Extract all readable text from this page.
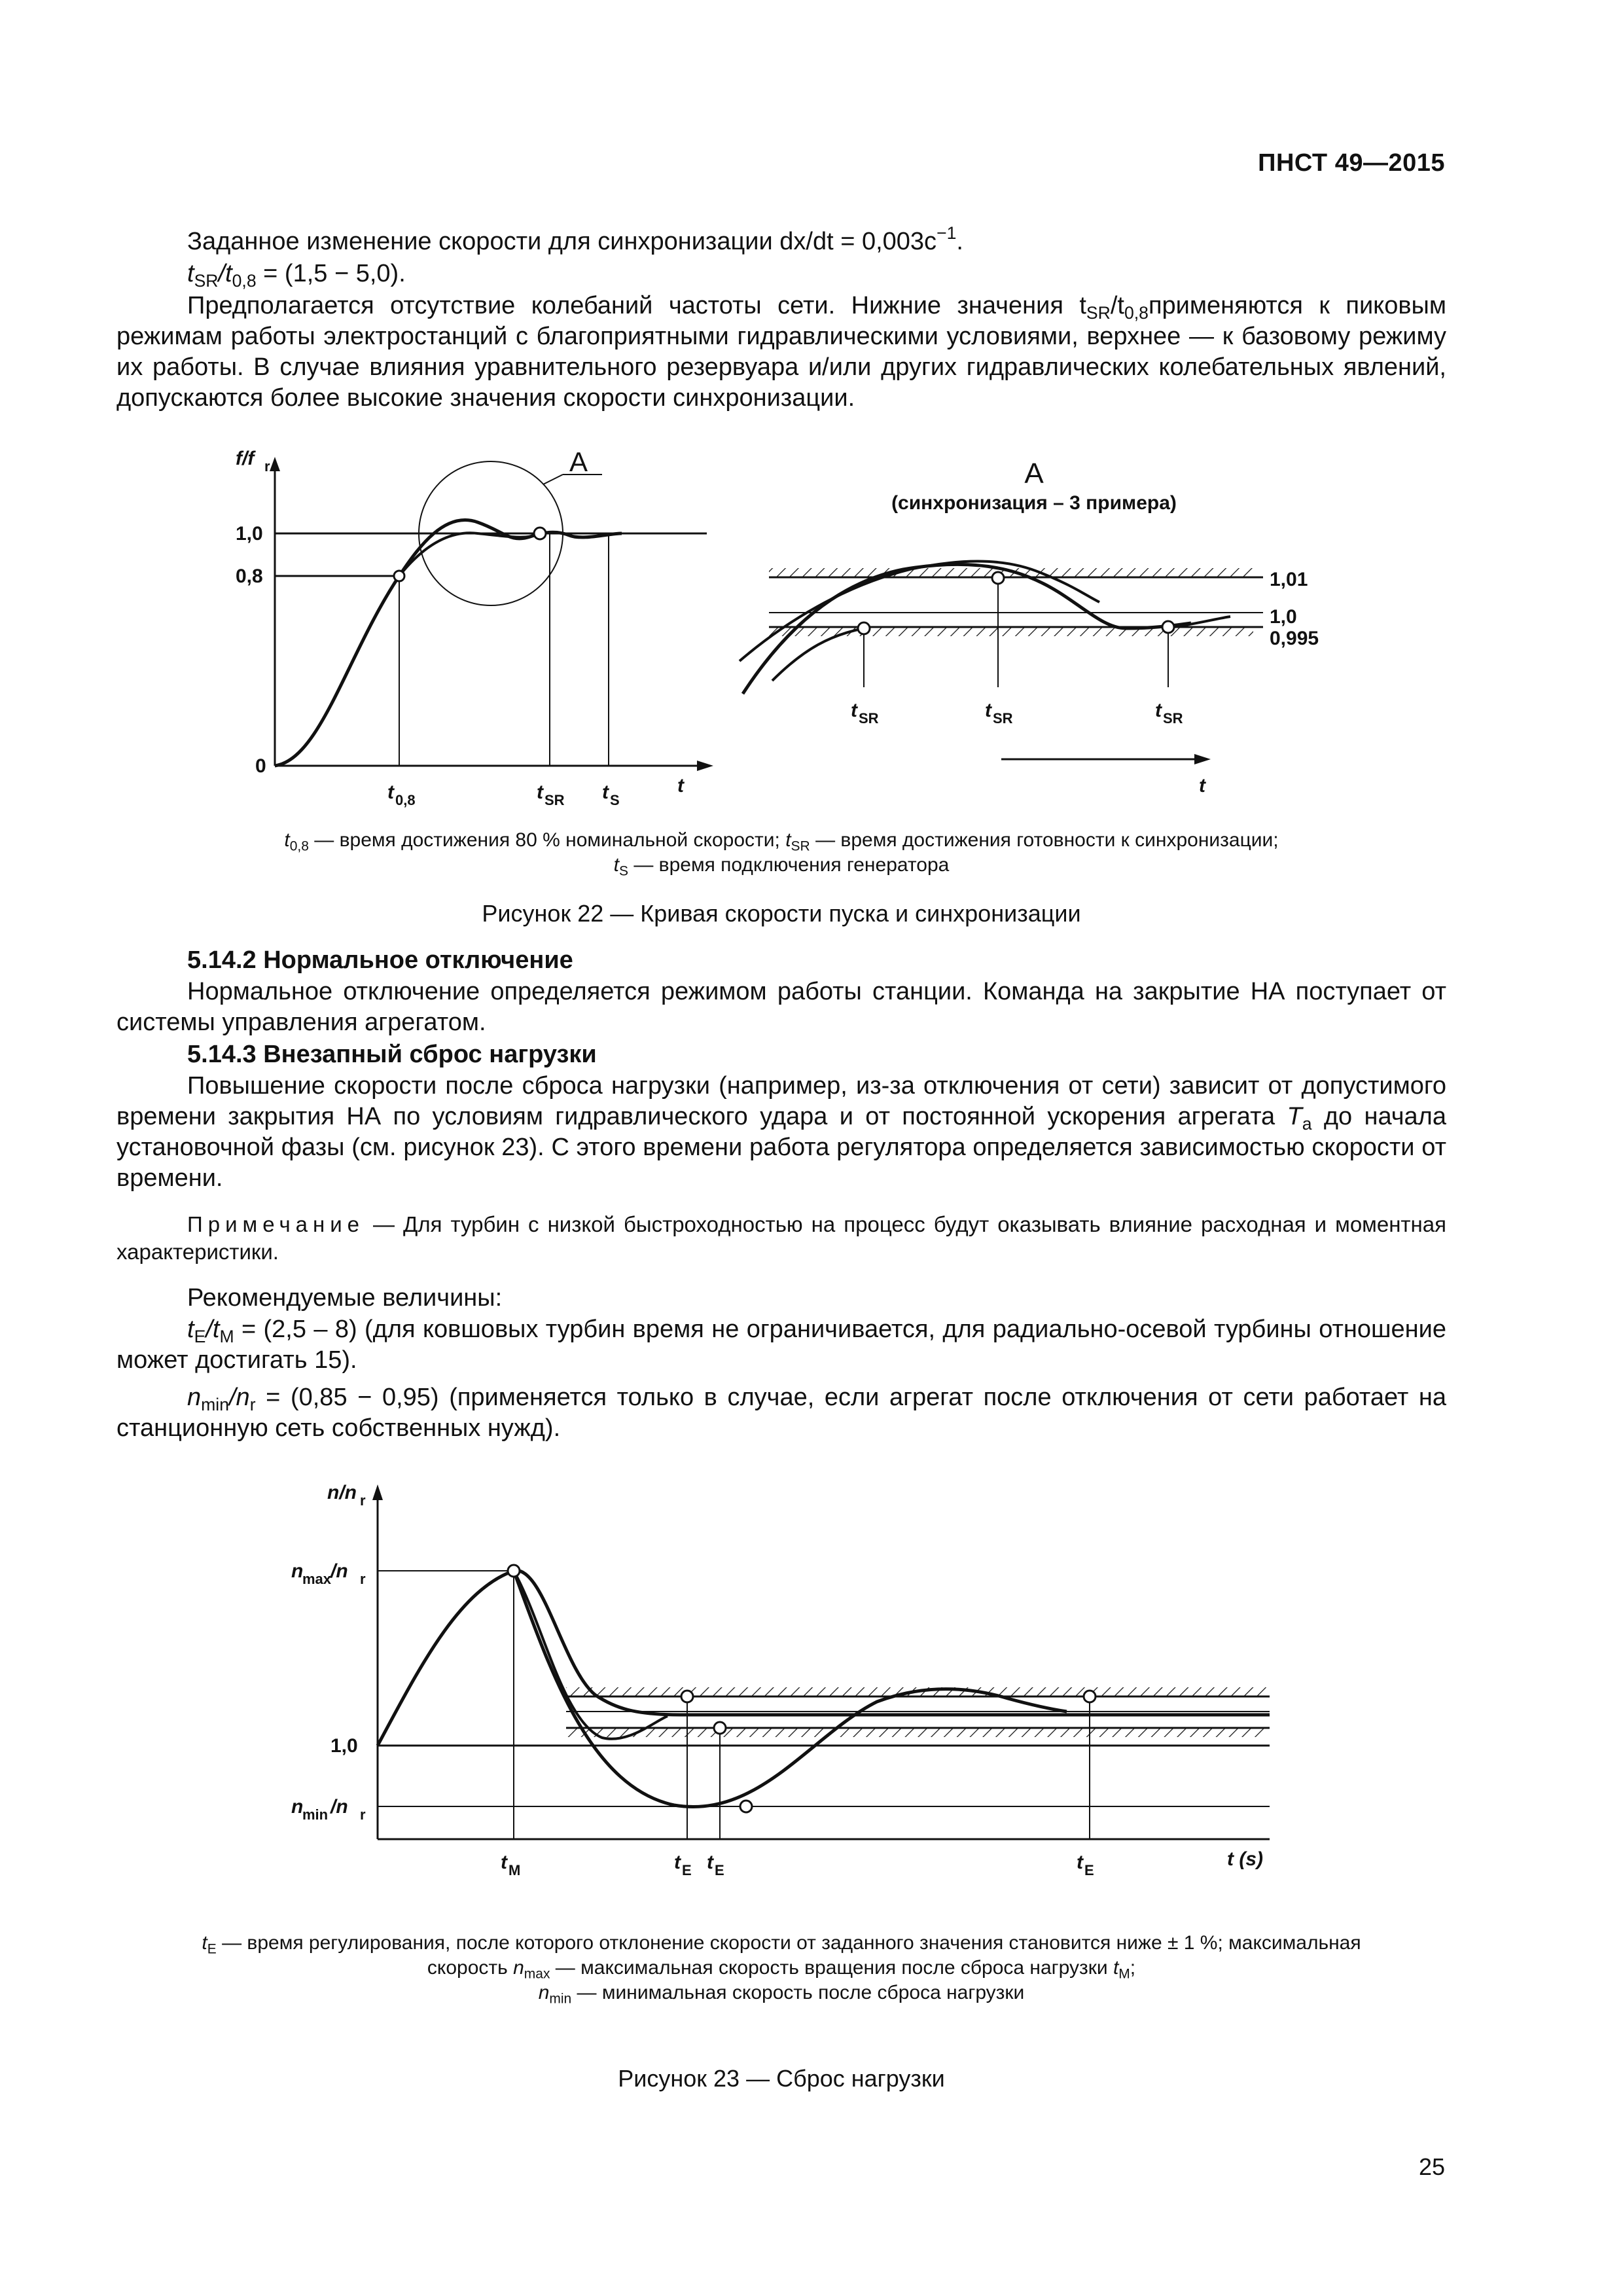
ПНСТ 49—2015
Заданное изменение скорости для синхронизации $dx/dt = 0,003c^{-1}$.
$t_{SR}/t_{0,8} = (1,5 - 5,0)$.
Предполагается отсутствие колебаний частоты сети. Нижние значения $t_{SR}/t_{0,8}применяются$ к пиковым режимам работы электростанций с благоприятными гидравлическими условиями, верхнее — к базовому режиму их работы. В случае влияния уравнительного резервуара и/или других гидравлических колебательных явлений, допускаются более высокие значения скорости синхронизации.
f/f r
1,0
0,8
0
A
t 0,8	t SR t S
t
A
(синхронизация – 3 примера)
1,01
1,0
0,995
t SR	t SR	t SR
t
$t_{0,8}$ — время достижения 80 % номинальной скорости; $t_{SR}$ — время достижения готовности к синхронизации;
$t_S$ — время подключения генератора
Рисунок 22 — Кривая скорости пуска и синхронизации
5.14.2 Нормальное отключение
Нормальное отключение определяется режимом работы станции. Команда на закрытие НА поступает от системы управления агрегатом.
5.14.3 Внезапный сброс нагрузки
Повышение скорости после сброса нагрузки (например, из-за отключения от сети) зависит от допустимого времени закрытия НА по условиям гидравлического удара и от постоянной ускорения агрегата $T_a$ до начала установочной фазы (см. рисунок 23). С этого времени работа регулятора определяется зависимостью скорости от времени.
Примечание — Для турбин с низкой быстроходностью на процесс будут оказывать влияние расходная и моментная характеристики.
Рекомендуемые величины:
$t_E/t_M = (2,5 - 8)$ (для ковшовых турбин время не ограничивается, для радиально-осевой турбины отношение может достигать 15).
$n_{min}/n_r = (0,85 - 0,95)$ (применяется только в случае, если агрегат после отключения от сети работает на станционную сеть собственных нужд).
n/n r
n
max
/n r
1,0
n
min /n r
t M	t E t E	t E
t (s)
$t_E$ — время регулирования, после которого отклонение скорости от заданного значения становится ниже ± 1 %; максимальная
скорость $n_{max}$ — максимальная скорость вращения после сброса нагрузки $t_M$;
$n_{min}$ — минимальная скорость после сброса нагрузки
Рисунок 23 — Сброс нагрузки
25
